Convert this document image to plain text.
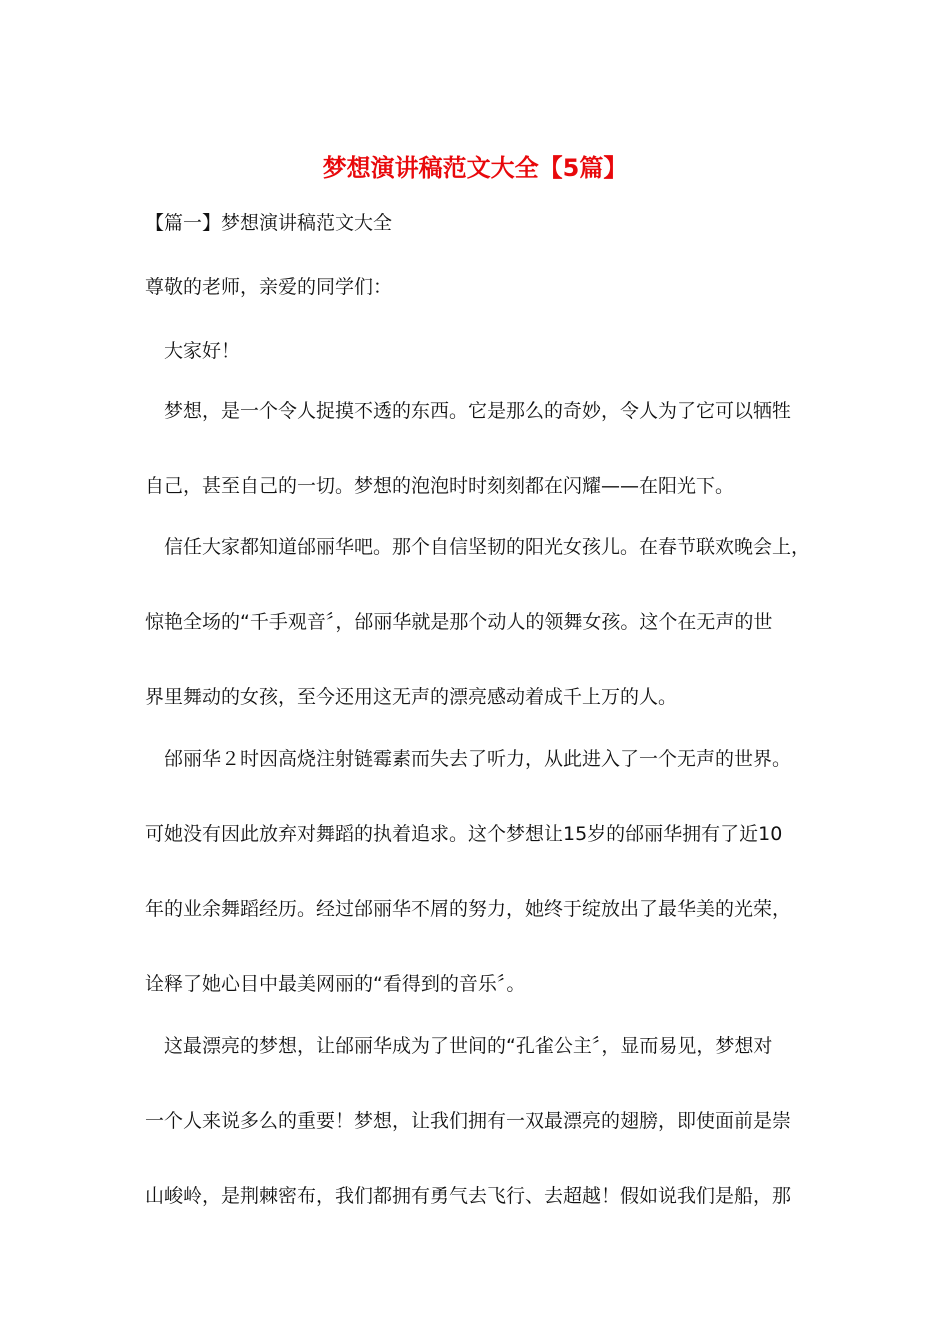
梦想演讲稿范文大全【5篇】
【篇一】梦想演讲稿范文大全
尊敬的老师，亲爱的同学们：
　大家好！
　梦想，是一个令人捉摸不透的东西。它是那么的奇妙，令人为了它可以牺牲
自己，甚至自己的一切。梦想的泡泡时时刻刻都在闪耀——在阳光下。
　信任大家都知道邰丽华吧。那个自信坚韧的阳光女孩儿。在春节联欢晚会上，
惊艳全场的“千手观音〞，邰丽华就是那个动人的领舞女孩。这个在无声的世
界里舞动的女孩，至今还用这无声的漂亮感动着成千上万的人。
　邰丽华２时因高烧注射链霉素而失去了听力，从此进入了一个无声的世界。
可她没有因此放弃对舞蹈的执着追求。这个梦想让15岁的邰丽华拥有了近10
年的业余舞蹈经历。经过邰丽华不屑的努力，她终于绽放出了最华美的光荣，
诠释了她心目中最美网丽的“看得到的音乐〞。
　这最漂亮的梦想，让邰丽华成为了世间的“孔雀公主〞，显而易见，梦想对
一个人来说多么的重要！梦想，让我们拥有一双最漂亮的翅膀，即使面前是崇
山峻岭，是荆棘密布，我们都拥有勇气去飞行、去超越！假如说我们是船，那
